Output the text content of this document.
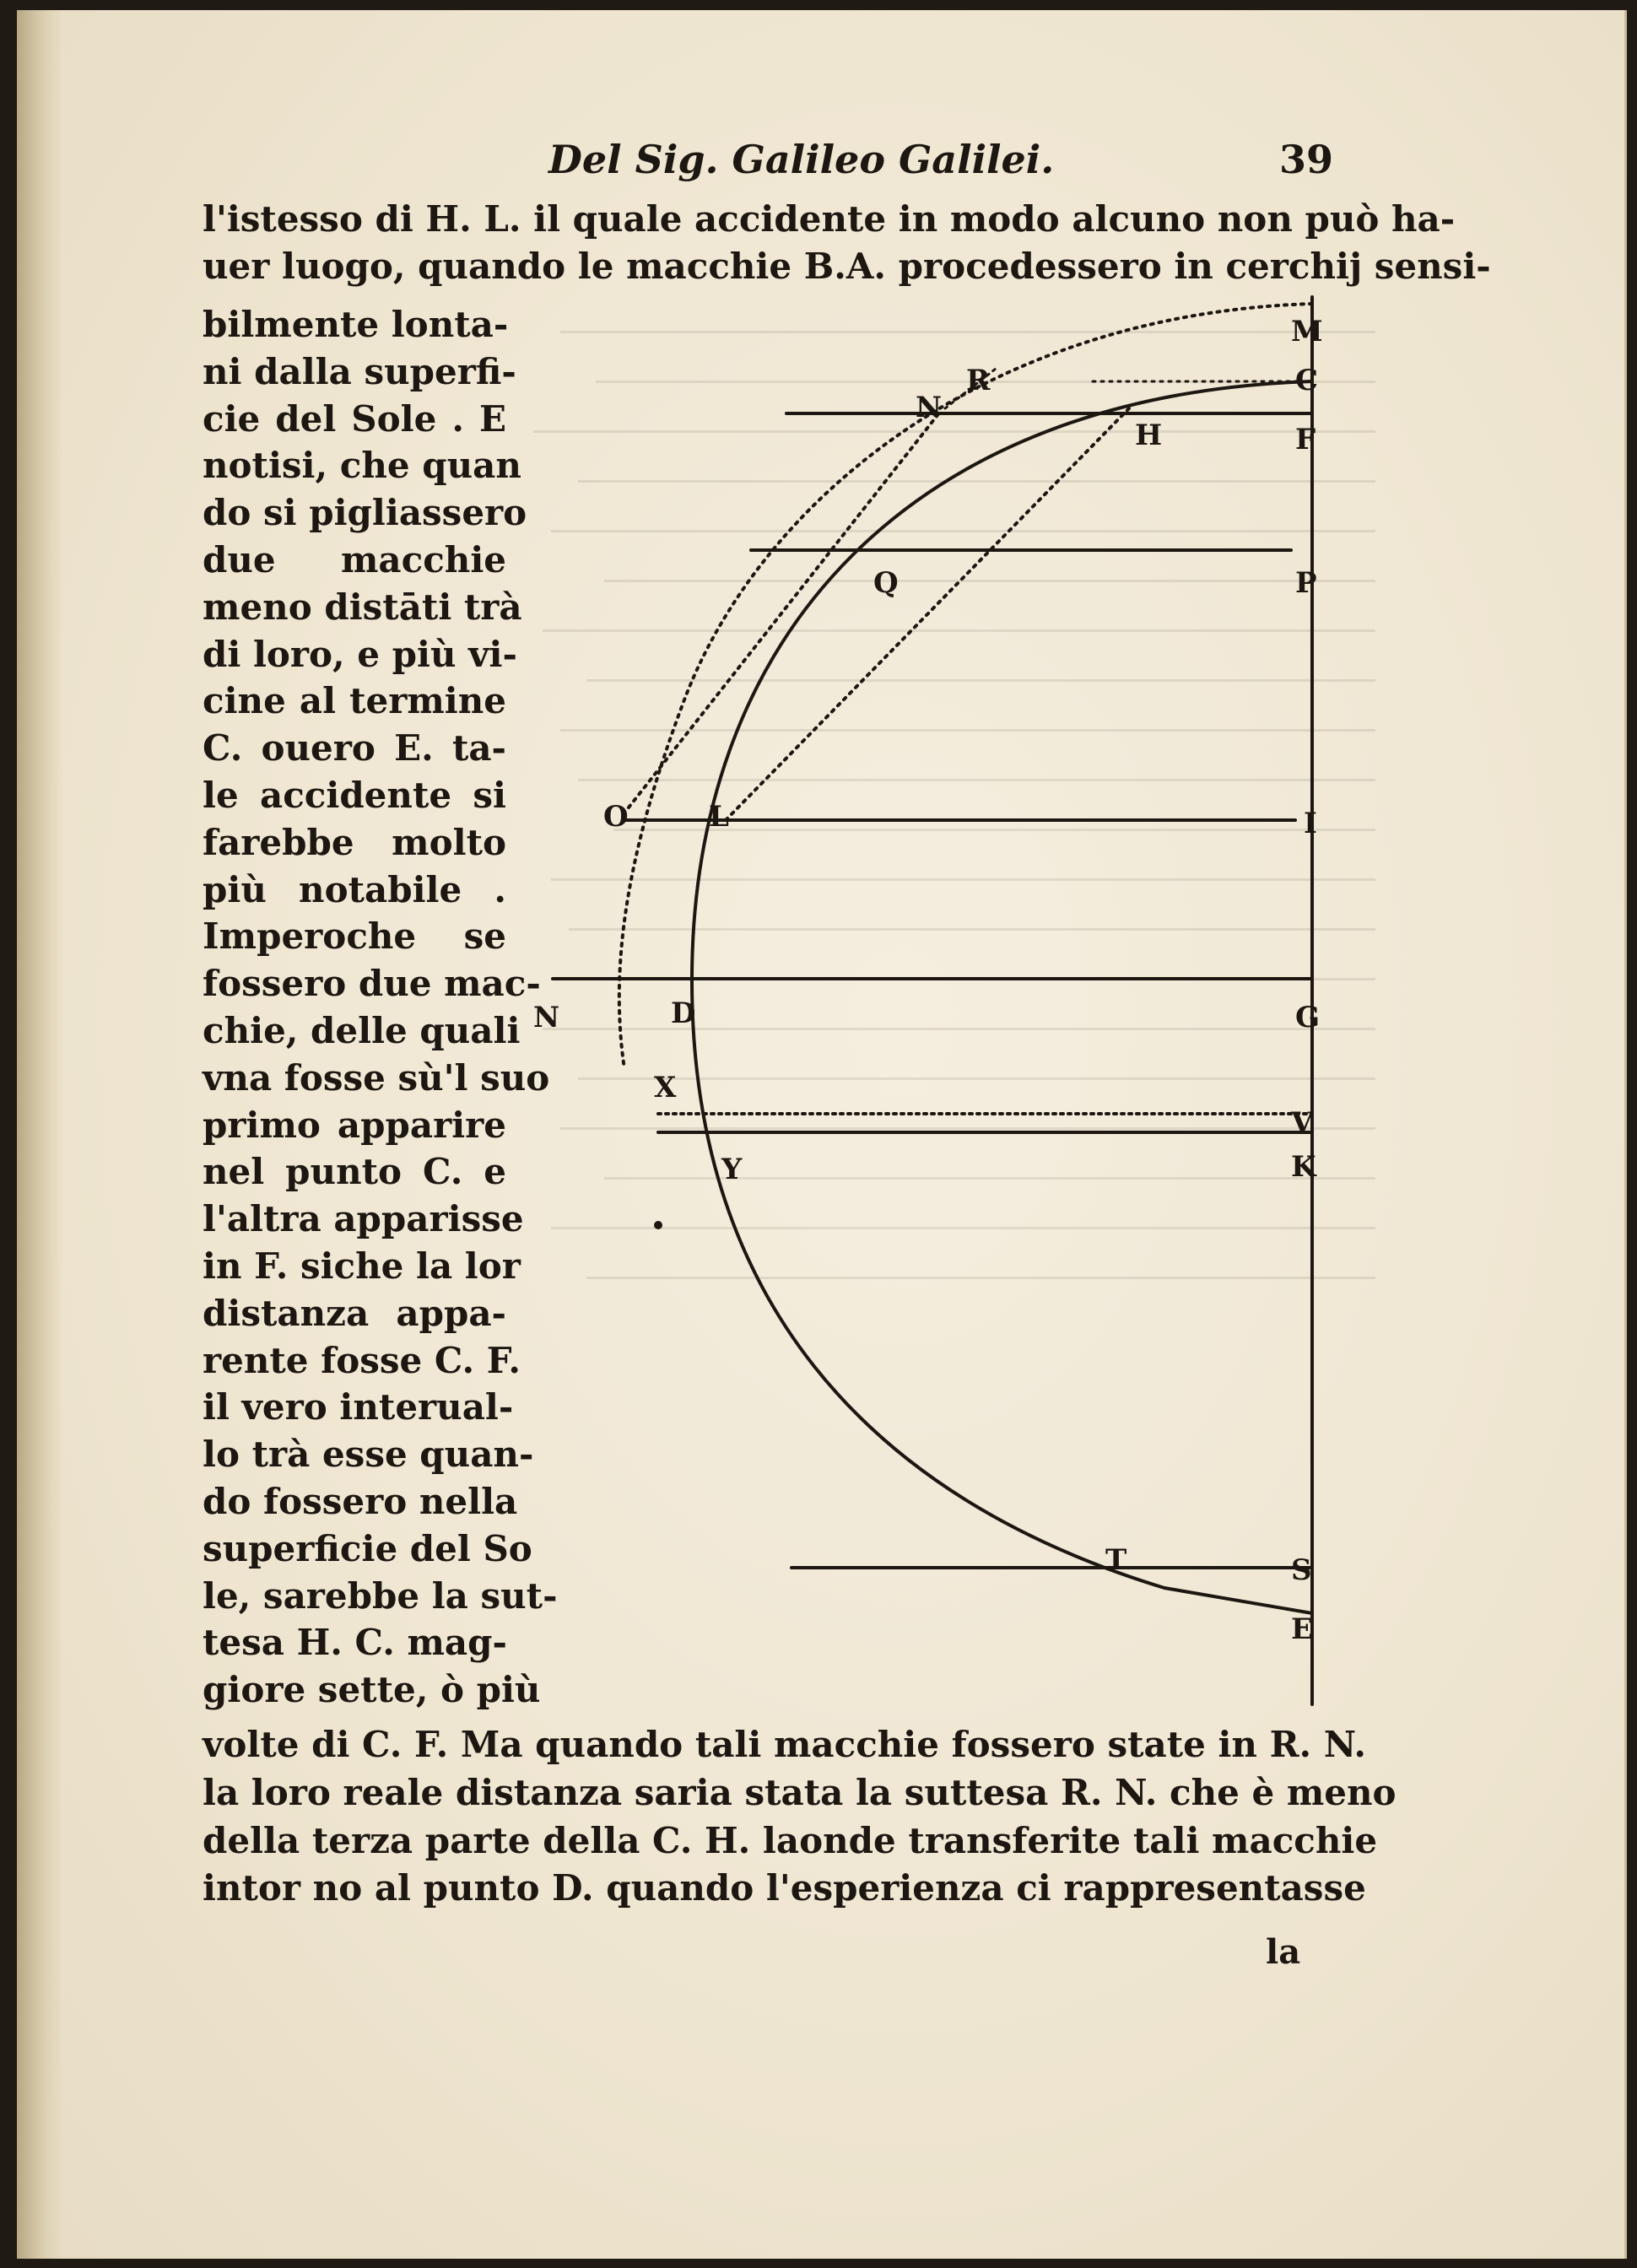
Del Sig. Galileo Galilei.	39
l'istesso di H. L. il quale accidente in modo alcuno non può ha-
uer luogo, quando le macchie B.A. procedessero in cerchij sensi-
bilmente lonta-
ni dalla superfi-
cie del Sole . E
notisi, che quan
do si pigliassero
due macchie
meno distāti trà
di loro, e più vi-
cine al termine
C. ouero E. ta-
le accidente si
farebbe molto
più notabile .
Imperoche se
fossero due mac-
chie, delle quali
vna fosse sù'l suo
primo apparire
nel punto C. e
l'altra apparisse
in F. siche la lor
distanza appa-
rente fosse C. F.
il vero interual-
lo trà esse quan-
do fossero nella
superficie del So
le, sarebbe la sut-
tesa H. C. mag-
giore sette, ò più
volte di C. F. Ma quando tali macchie fossero state in R. N.
la loro reale distanza saria stata la suttesa R. N. che è meno
della terza parte della C. H. laonde transferite tali macchie
intor no al punto D. quando l'esperienza ci rappresentasse
la
M
C
R
N
H	F
Q	P
O	L	I
N	D	G
X
V
Y	K
T	S
E
